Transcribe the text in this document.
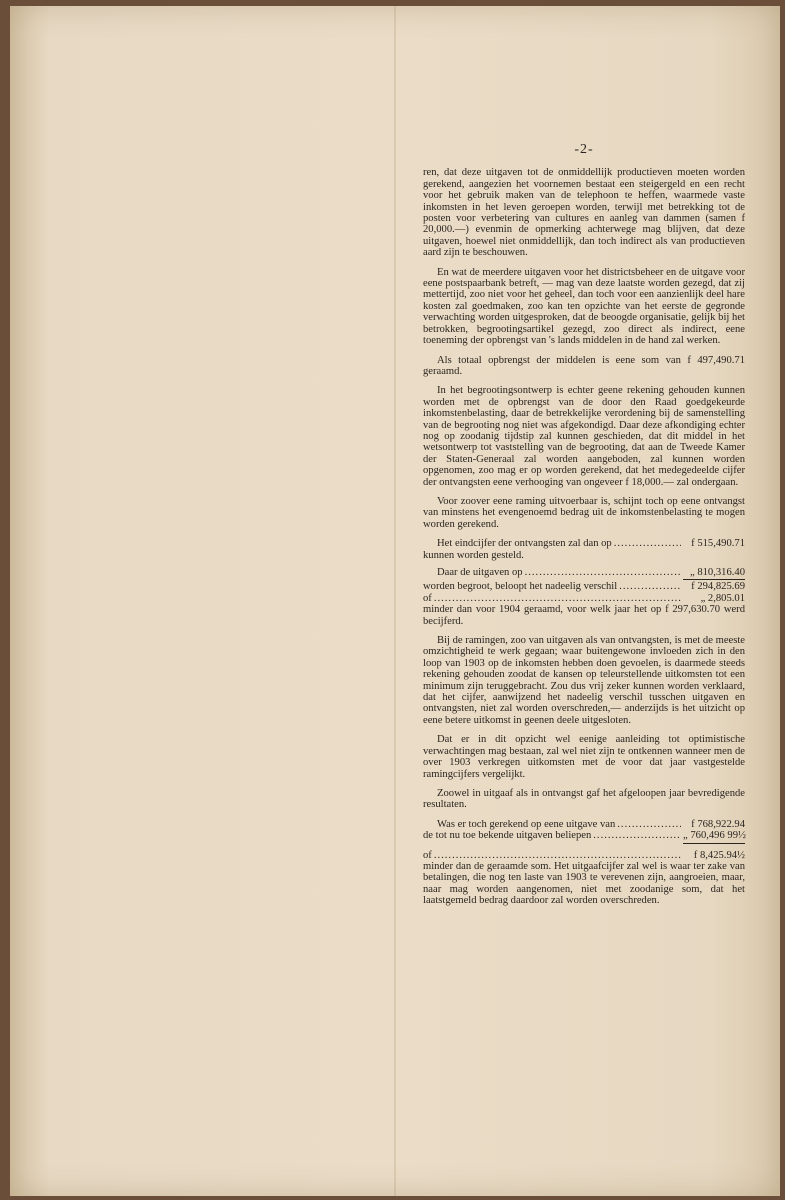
-2-

ren, dat deze uitgaven tot de onmiddellijk productieven moeten worden gerekend, aangezien het voornemen bestaat een steigergeld en een recht voor het gebruik maken van de telephoon te heffen, waarmede vaste inkomsten in het leven geroepen worden, terwijl met betrekking tot de posten voor verbetering van cultures en aanleg van dammen (samen f 20,000.—) evenmin de opmerking achterwege mag blijven, dat deze uitgaven, hoewel niet onmiddellijk, dan toch indirect als van productieven aard zijn te beschouwen.

En wat de meerdere uitgaven voor het districtsbeheer en de uitgave voor eene postspaarbank betreft, — mag van deze laatste worden gezegd, dat zij mettertijd, zoo niet voor het geheel, dan toch voor een aanzienlijk deel hare kosten zal goedmaken, zoo kan ten opzichte van het eerste de gegronde verwachting worden uitgesproken, dat de beoogde organisatie, gelijk bij het betrokken, begrootingsartikel gezegd, zoo direct als indirect, eene toeneming der opbrengst van 's lands middelen in de hand zal werken.

Als totaal opbrengst der middelen is eene som van f 497,490.71 geraamd.

In het begrootingsontwerp is echter geene rekening gehouden kunnen worden met de opbrengst van de door den Raad goedgekeurde inkomstenbelasting, daar de betrekkelijke verordening bij de samenstelling van de begrooting nog niet was afgekondigd. Daar deze afkondiging echter nog op zoodanig tijdstip zal kunnen geschieden, dat dit middel in het wetsontwerp tot vaststelling van de begrooting, dat aan de Tweede Kamer der Staten-Generaal zal worden aangeboden, zal kunnen worden opgenomen, zoo mag er op worden gerekend, dat het medegedeelde cijfer der ontvangsten eene verhooging van ongeveer f 18,000.— zal ondergaan.

Voor zoover eene raming uitvoerbaar is, schijnt toch op eene ontvangst van minstens het evengenoemd bedrag uit de inkomstenbelasting te mogen worden gerekend.

Het eindcijfer der ontvangsten zal dan op .....	f 515,490.71
kunnen worden gesteld.
Daar de uitgaven op .....	„ 810,316.40
worden begroot, beloopt het nadeelig verschil .....	f 294,825.69
of .....	„ 2,805.01
minder dan voor 1904 geraamd, voor welk jaar het op f 297,630.70 werd becijferd.

Bij de ramingen, zoo van uitgaven als van ontvangsten, is met de meeste omzichtigheid te werk gegaan; waar buitengewone invloeden zich in den loop van 1903 op de inkomsten hebben doen gevoelen, is daarmede steeds rekening gehouden zoodat de kansen op teleurstellende uitkomsten tot een minimum zijn teruggebracht. Zou dus vrij zeker kunnen worden verklaard, dat het cijfer, aanwijzend het nadeelig verschil tusschen uitgaven en ontvangsten, niet zal worden overschreden,— anderzijds is het uitzicht op eene betere uitkomst in geenen deele uitgesloten.

Dat er in dit opzicht wel eenige aanleiding tot optimistische verwachtingen mag bestaan, zal wel niet zijn te ontkennen wanneer men de over 1903 verkregen uitkomsten met de voor dat jaar vastgestelde ramingcijfers vergelijkt.

Zoowel in uitgaaf als in ontvangst gaf het afgeloopen jaar bevredigende resultaten.

Was er toch gerekend op eene uitgave van .....	f 768,922.94
de tot nu toe bekende uitgaven beliepen .....	„ 760,496 99½
of .....	f 8,425.94½
minder dan de geraamde som. Het uitgaafcijfer zal wel is waar ter zake van betalingen, die nog ten laste van 1903 te verevenen zijn, aangroeien, maar, naar mag worden aangenomen, niet met zoodanige som, dat het laatstgemeld bedrag daardoor zal worden overschreden.
